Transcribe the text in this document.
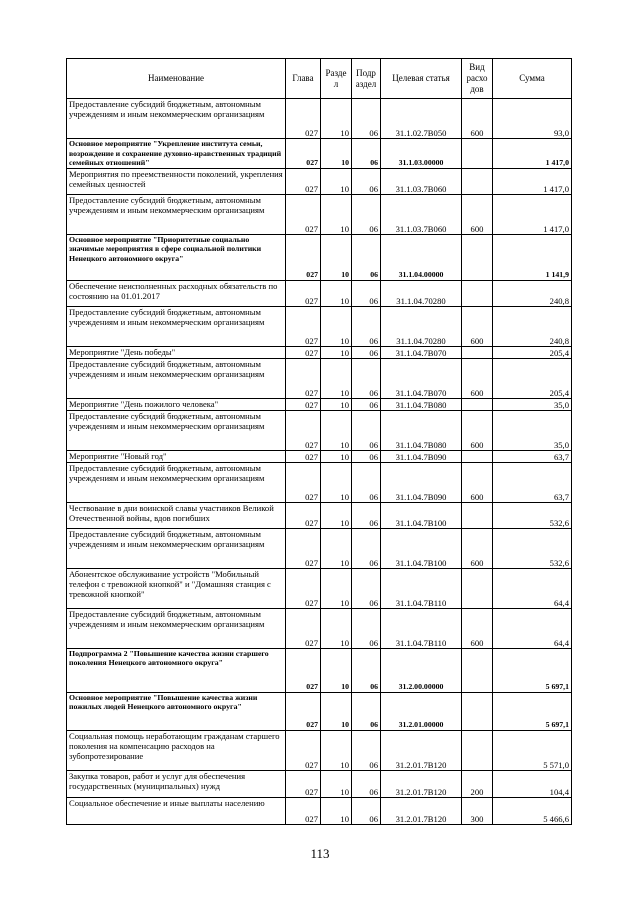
Наименование	Глава	Разде л	Подр аздел	Целевая статья	Вид расхо дов	Сумма
Предоставление субсидий бюджетным, автономным учреждениям и иным некоммерческим организациям	027	10	06	31.1.02.7В050	600	93,0
Основное мероприятие "Укрепление института семьи, возрождение и сохранение духовно-нравственных традиций семейных отношений"	027	10	06	31.1.03.00000		1 417,0
Мероприятия по преемственности поколений, укрепления семейных ценностей	027	10	06	31.1.03.7В060		1 417,0
Предоставление субсидий бюджетным, автономным учреждениям и иным некоммерческим организациям	027	10	06	31.1.03.7В060	600	1 417,0
Основное мероприятие "Приоритетные социально значимые мероприятия в сфере социальной политики Ненецкого автономного округа"	027	10	06	31.1.04.00000		1 141,9
Обеспечение неисполненных расходных обязательств по состоянию на 01.01.2017	027	10	06	31.1.04.70280		240,8
Предоставление субсидий бюджетным, автономным учреждениям и иным некоммерческим организациям	027	10	06	31.1.04.70280	600	240,8
Мероприятие "День победы"	027	10	06	31.1.04.7В070		205,4
Предоставление субсидий бюджетным, автономным учреждениям и иным некоммерческим организациям	027	10	06	31.1.04.7В070	600	205,4
Мероприятие "День пожилого человека"	027	10	06	31.1.04.7В080		35,0
Предоставление субсидий бюджетным, автономным учреждениям и иным некоммерческим организациям	027	10	06	31.1.04.7В080	600	35,0
Мероприятие "Новый год"	027	10	06	31.1.04.7В090		63,7
Предоставление субсидий бюджетным, автономным учреждениям и иным некоммерческим организациям	027	10	06	31.1.04.7В090	600	63,7
Чествование в дни воинской славы участников Великой Отечественной войны, вдов погибших	027	10	06	31.1.04.7В100		532,6
Предоставление субсидий бюджетным, автономным учреждениям и иным некоммерческим организациям	027	10	06	31.1.04.7В100	600	532,6
Абонентское обслуживание устройств "Мобильный телефон с тревожной кнопкой" и "Домашняя станция с тревожной кнопкой"	027	10	06	31.1.04.7В110		64,4
Предоставление субсидий бюджетным, автономным учреждениям и иным некоммерческим организациям	027	10	06	31.1.04.7В110	600	64,4
Подпрограмма 2 "Повышение качества жизни старшего поколения Ненецкого автономного округа"	027	10	06	31.2.00.00000		5 697,1
Основное мероприятие "Повышение качества жизни пожилых людей Ненецкого автономного округа"	027	10	06	31.2.01.00000		5 697,1
Социальная помощь неработающим гражданам старшего поколения на компенсацию расходов на зубопротезирование	027	10	06	31.2.01.7В120		5 571,0
Закупка товаров, работ и услуг для обеспечения государственных (муниципальных) нужд	027	10	06	31.2.01.7В120	200	104,4
Социальное обеспечение и иные выплаты населению	027	10	06	31.2.01.7В120	300	5 466,6
113
